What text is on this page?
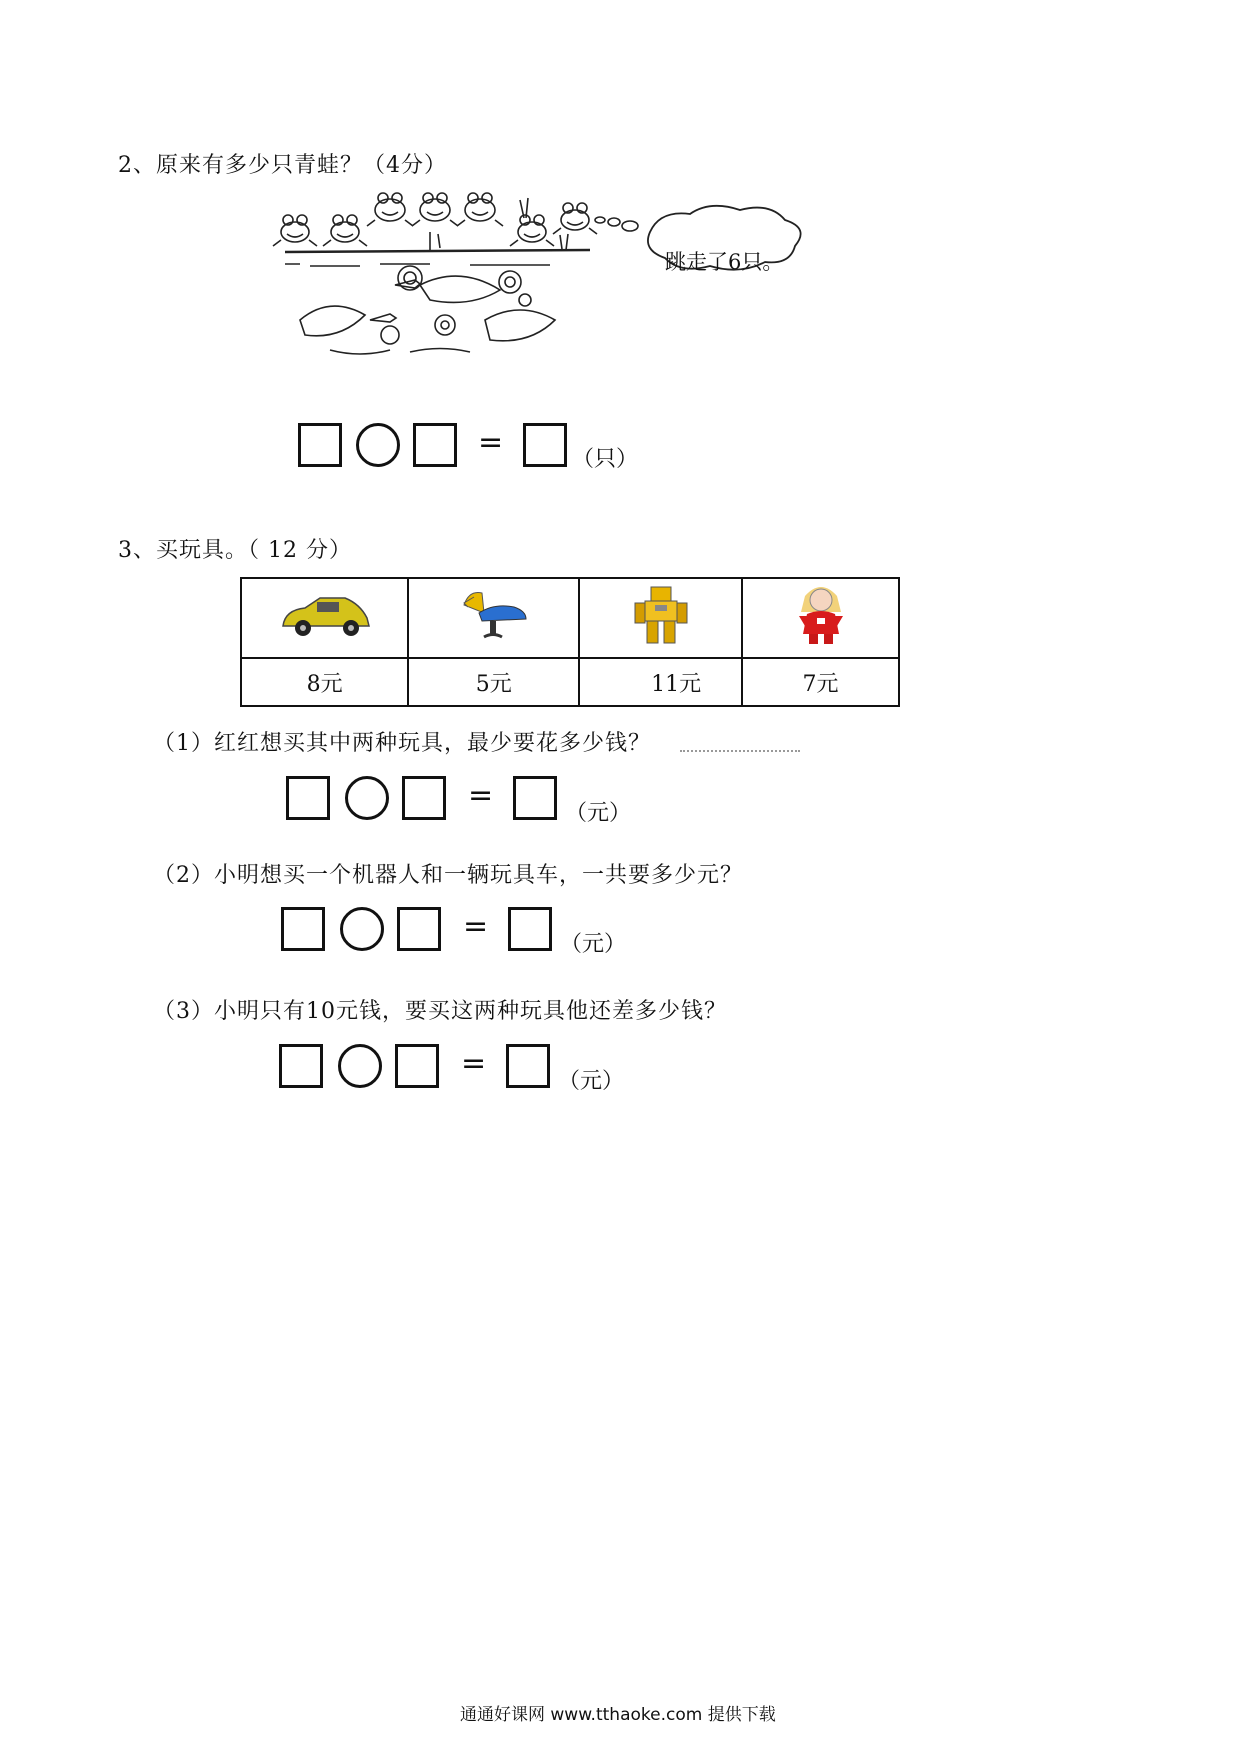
2、原来有多少只青蛙？（4分）
跳走了6只。
=	（只）
3、买玩具。（ 12 分）

8元	5元	11元	7元
（1）红红想买其中两种玩具，最少要花多少钱？
=
（元）
（2）小明想买一个机器人和一辆玩具车，一共要多少元？
=
（元）
（3）小明只有10元钱，要买这两种玩具他还差多少钱？
=
（元）
通通好课网 www.tthaoke.com 提供下载
